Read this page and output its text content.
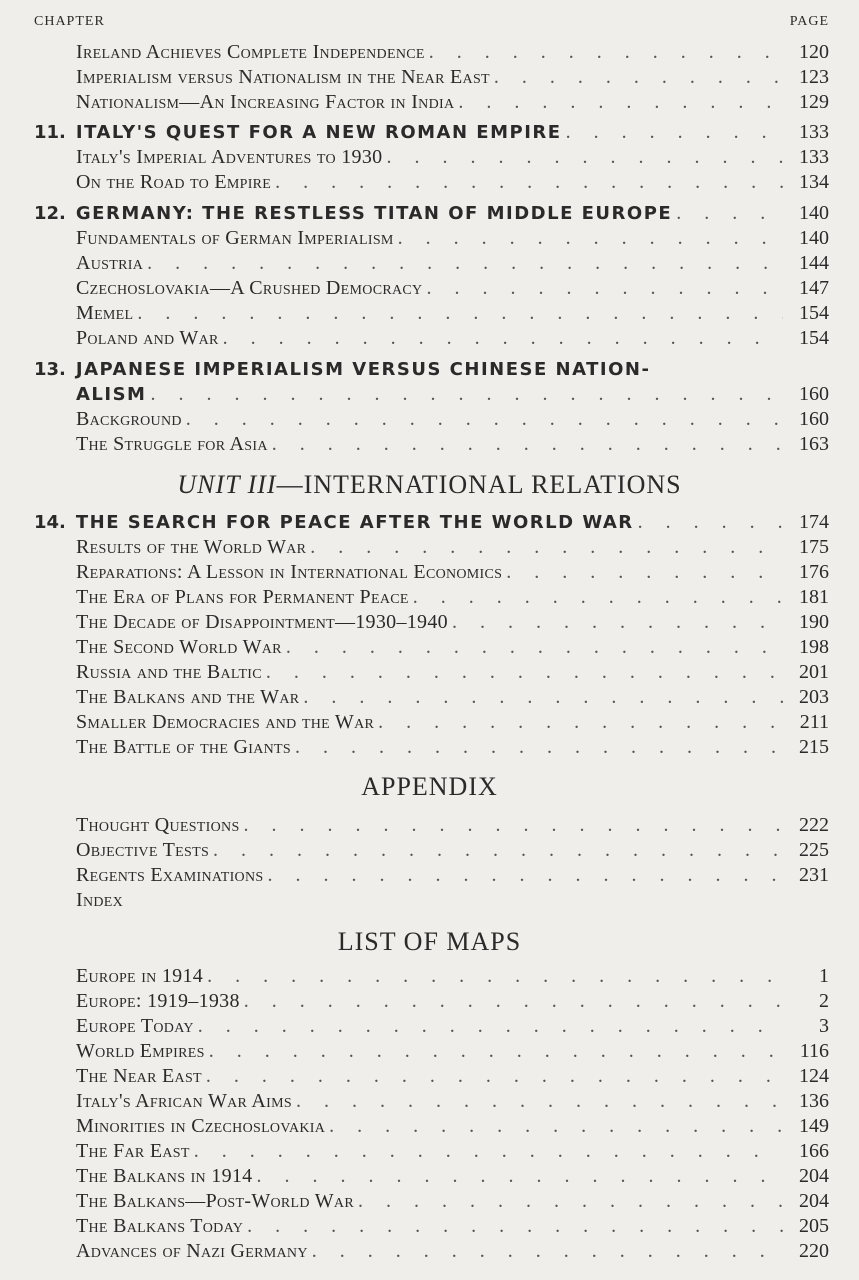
CHAPTER	PAGE
Ireland Achieves Complete Independence . . .	120
Imperialism versus Nationalism in the Near East . . .	123
Nationalism—An Increasing Factor in India . . .	129
11. ITALY'S QUEST FOR A NEW ROMAN EMPIRE . . .	133
Italy's Imperial Adventures to 1930 . . .	133
On the Road to Empire . . .	134
12. GERMANY: THE RESTLESS TITAN OF MIDDLE EUROPE . . .	140
Fundamentals of German Imperialism . . .	140
Austria . . .	144
Czechoslovakia—A Crushed Democracy . . .	147
Memel . . .	154
Poland and War . . .	154
13. JAPANESE IMPERIALISM VERSUS CHINESE NATION-
ALISM . . .	160
Background . . .	160
The Struggle for Asia . . .	163
UNIT III—INTERNATIONAL RELATIONS
14. THE SEARCH FOR PEACE AFTER THE WORLD WAR . . .	174
Results of the World War . . .	175
Reparations: A Lesson in International Economics . . .	176
The Era of Plans for Permanent Peace . . .	181
The Decade of Disappointment—1930–1940 . . .	190
The Second World War . . .	198
Russia and the Baltic . . .	201
The Balkans and the War . . .	203
Smaller Democracies and the War . . .	211
The Battle of the Giants . . .	215
APPENDIX
Thought Questions . . .	222
Objective Tests . . .	225
Regents Examinations . . .	231
Index
LIST OF MAPS
Europe in 1914 . . .	1
Europe: 1919–1938 . . .	2
Europe Today . . .	3
World Empires . . .	116
The Near East . . .	124
Italy's African War Aims . . .	136
Minorities in Czechoslovakia . . .	149
The Far East . . .	166
The Balkans in 1914 . . .	204
The Balkans—Post-World War . . .	204
The Balkans Today . . .	205
Advances of Nazi Germany . . .	220
